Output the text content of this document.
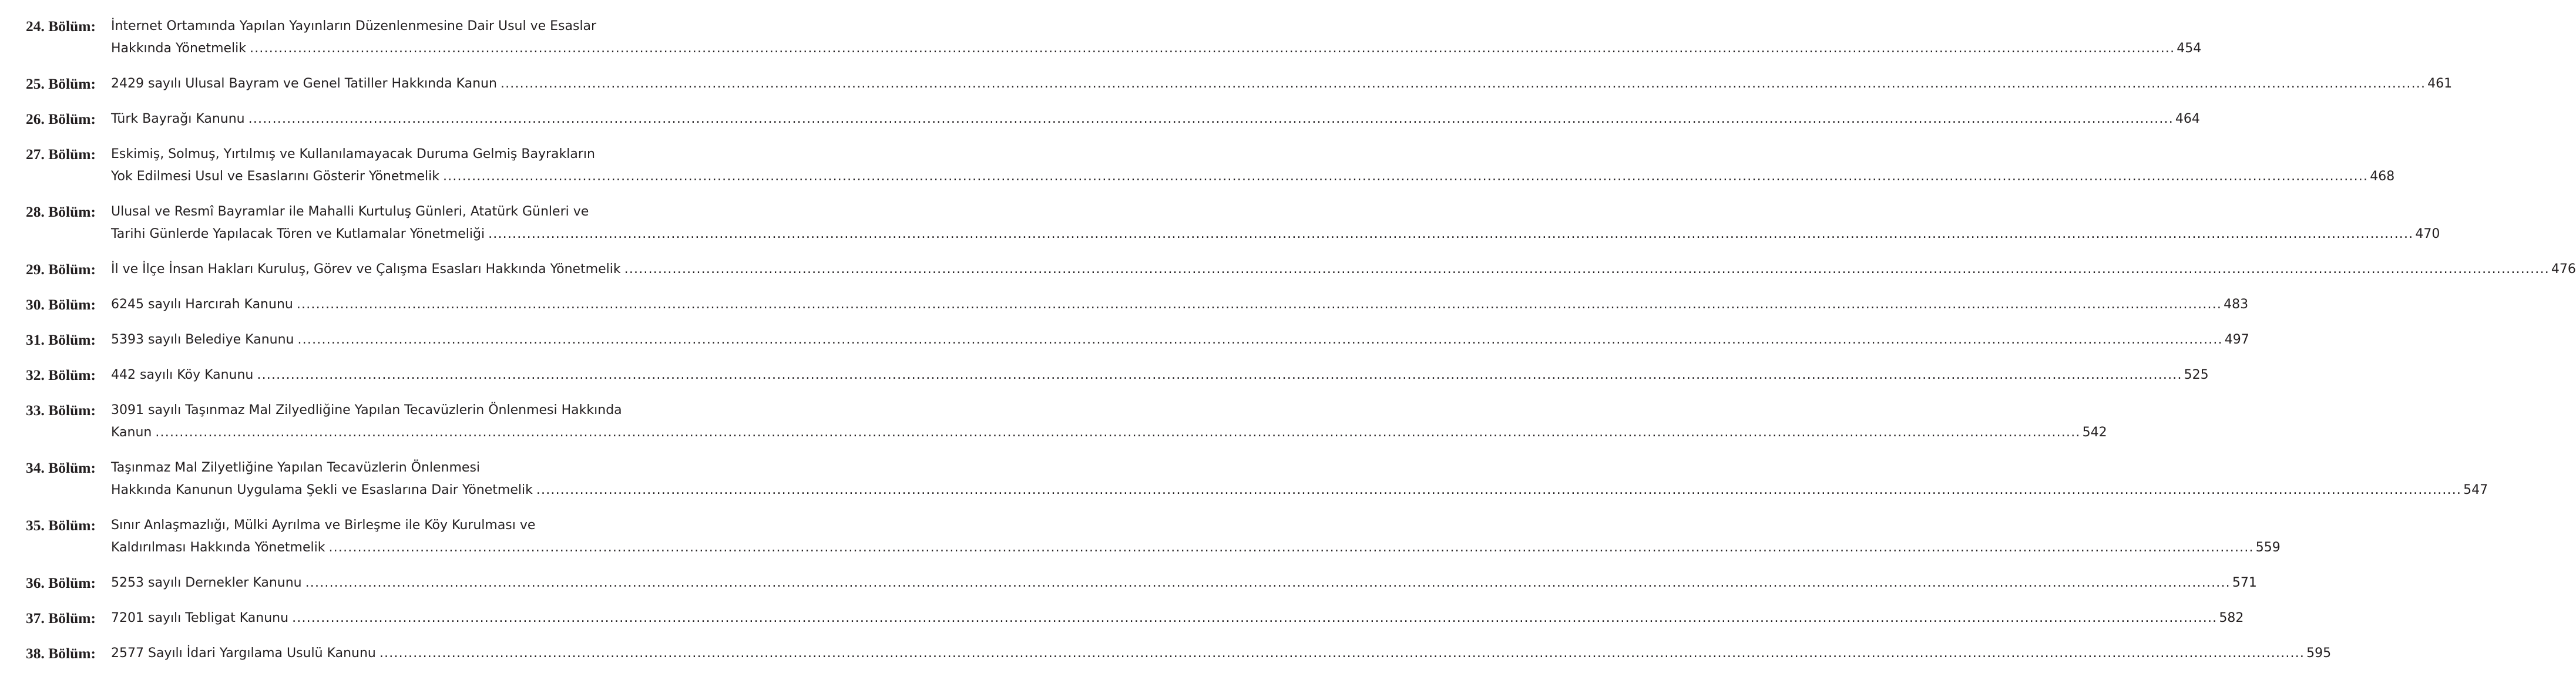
24. Bölüm:	İnternet Ortamında Yapılan Yayınların Düzenlenmesine Dair Usul ve Esaslar
Hakkında Yönetmelik ................................................................................................................................................................................................................................................................................................................................................................................................................ 454
25. Bölüm:	2429 sayılı Ulusal Bayram ve Genel Tatiller Hakkında Kanun ................................................................................................................................................................................................................................................................................................................................................................................................................ 461
26. Bölüm:	Türk Bayrağı Kanunu ................................................................................................................................................................................................................................................................................................................................................................................................................ 464
27. Bölüm:	Eskimiş, Solmuş, Yırtılmış ve Kullanılamayacak Duruma Gelmiş Bayrakların
Yok Edilmesi Usul ve Esaslarını Gösterir Yönetmelik ................................................................................................................................................................................................................................................................................................................................................................................................................ 468
28. Bölüm:	Ulusal ve Resmî Bayramlar ile Mahalli Kurtuluş Günleri, Atatürk Günleri ve
Tarihi Günlerde Yapılacak Tören ve Kutlamalar Yönetmeliği ................................................................................................................................................................................................................................................................................................................................................................................................................ 470
29. Bölüm:	İl ve İlçe İnsan Hakları Kuruluş, Görev ve Çalışma Esasları Hakkında Yönetmelik ................................................................................................................................................................................................................................................................................................................................................................................................................ 476
30. Bölüm:	6245 sayılı Harcırah Kanunu ................................................................................................................................................................................................................................................................................................................................................................................................................ 483
31. Bölüm:	5393 sayılı Belediye Kanunu ................................................................................................................................................................................................................................................................................................................................................................................................................ 497
32. Bölüm:	442 sayılı Köy Kanunu ................................................................................................................................................................................................................................................................................................................................................................................................................ 525
33. Bölüm:	3091 sayılı Taşınmaz Mal Zilyedliğine Yapılan Tecavüzlerin Önlenmesi Hakkında
Kanun ................................................................................................................................................................................................................................................................................................................................................................................................................ 542
34. Bölüm:	Taşınmaz Mal Zilyetliğine Yapılan Tecavüzlerin Önlenmesi
Hakkında Kanunun Uygulama Şekli ve Esaslarına Dair Yönetmelik ................................................................................................................................................................................................................................................................................................................................................................................................................ 547
35. Bölüm:	Sınır Anlaşmazlığı, Mülki Ayrılma ve Birleşme ile Köy Kurulması ve
Kaldırılması Hakkında Yönetmelik ................................................................................................................................................................................................................................................................................................................................................................................................................ 559
36. Bölüm:	5253 sayılı Dernekler Kanunu ................................................................................................................................................................................................................................................................................................................................................................................................................ 571
37. Bölüm:	7201 sayılı Tebligat Kanunu ................................................................................................................................................................................................................................................................................................................................................................................................................ 582
38. Bölüm:	2577 Sayılı İdari Yargılama Usulü Kanunu ................................................................................................................................................................................................................................................................................................................................................................................................................ 595
